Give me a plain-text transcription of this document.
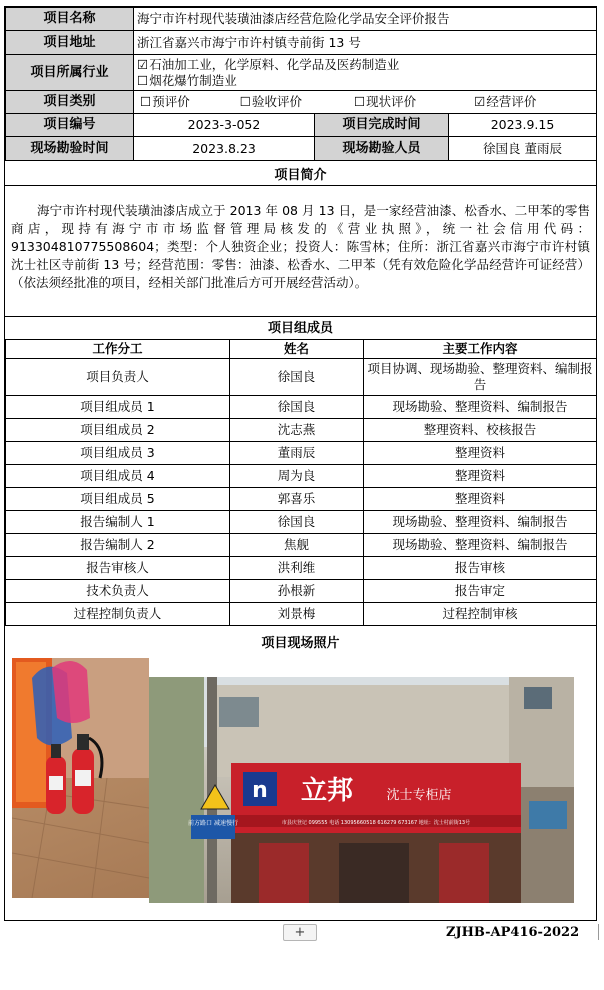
项目名称	海宁市许村现代装璜油漆店经营危险化学品安全评价报告		
项目地址	浙江省嘉兴市海宁市许村镇寺前街 13 号		
项目所属行业	☑石油加工业，化学原料、化学品及医药制造业
☐烟花爆竹制造业		

项目类别	☐预评价 ☐验收评价 ☐现状评价 ☑经营评价		
项目编号	2023-3-052	项目完成时间	2023.9.15
现场勘验时间	2023.8.23	现场勘验人员	徐国良 董雨辰
项目简介
海宁市许村现代装璜油漆店成立于 2013 年 08 月 13 日，是一家经营油漆、松香水、二甲苯的零售商店，现持有海宁市市场监督管理局核发的《营业执照》，统一社会信用代码：913304810775508604；类型：个人独资企业；投资人：陈雪林；住所：浙江省嘉兴市海宁市许村镇沈士社区寺前街 13 号；经营范围：零售：油漆、松香水、二甲苯（凭有效危险化学品经营许可证经营）（依法须经批准的项目，经相关部门批准后方可开展经营活动）。
项目组成员
工作分工	姓名	主要工作内容
项目负责人	徐国良	项目协调、现场勘验、整理资料、编制报告
项目组成员 1	徐国良	现场勘验、整理资料、编制报告
项目组成员 2	沈志燕	整理资料、校核报告
项目组成员 3	董雨辰	整理资料
项目组成员 4	周为良	整理资料
项目组成员 5	郭喜乐	整理资料
报告编制人 1	徐国良	现场勘验、整理资料、编制报告
报告编制人 2	焦舰	现场勘验、整理资料、编制报告
报告审核人	洪利维	报告审核
技术负责人	孙根新	报告审定
过程控制负责人	刘景梅	过程控制审核
项目现场照片
n 立邦	沈士专柜店
市县庆登记 099555 电话 13095660518 616279 673167 地址：沈士村前街13号
前方路口 减速慢行
+	ZJHB-AP416-2022
